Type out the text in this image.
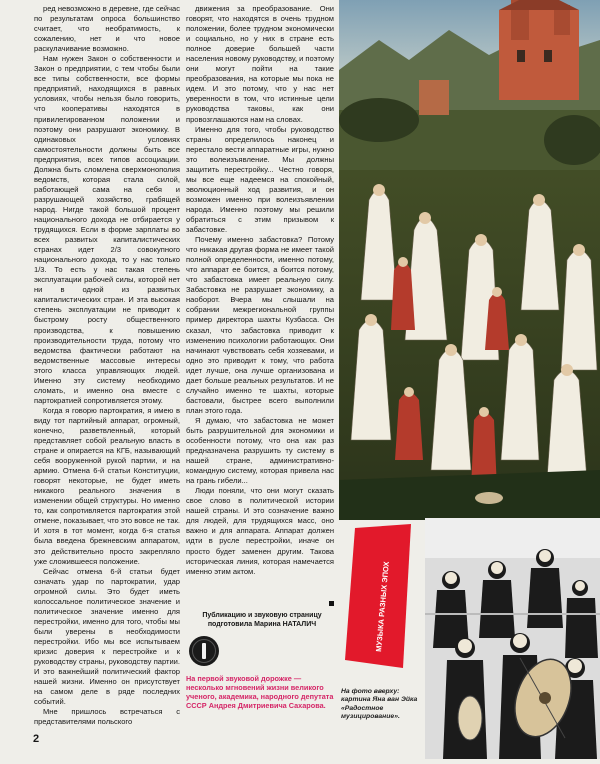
ред невозможно в деревне, где сейчас по результатам опроса большинство считает, что необратимость, к сожалению, нет и что новое раскулачивание возможно.

Нам нужен Закон о собственности и Закон о предприятии, с тем чтобы были все типы собственности, все формы предприятий, находящихся в равных условиях, чтобы нельзя было говорить, что кооперативы находятся в привилегированном положении и поэтому они разрушают экономику. В одинаковых условиях самостоятельности должны быть все предприятия, всех типов ассоциации. Должна быть сломлена сверхмонополия ведомств, которая стала силой, работающей сама на себя и разрушающей хозяйство, грабящей народ. Нигде такой большой процент национального дохода не отбирается у трудящихся. Если в форме зарплаты во всех развитых капиталистических странах идет 2/3 совокупного национального дохода, то у нас только 1/3. То есть у нас такая степень эксплуатации рабочей силы, которой нет ни в одной из развитых капиталистических стран. И эта высокая степень эксплуатации не приводит к быстрому росту общественного производства, к повышению производительности труда, потому что ведомства фактически работают на ведомственные массовые интересы этого класса управляющих людей. Именно эту систему необходимо сломать, и именно она вместе с партократией сопротивляется этому.

Когда я говорю партократия, я имею в виду тот партийный аппарат, огромный, конечно, разветвленный, который представляет собой реальную власть в стране и опирается на КГБ, называющий себя вооруженной рукой партии, и на армию. Отмена 6-й статьи Конституции, говорят некоторые, не будет иметь никакого реального значения в изменении общей структуры. Но именно то, как сопротивляется партократия этой отмене, показывает, что это вовсе не так. И хотя в тот момент, когда 6-я статья была введена брежневским аппаратом, это действительно просто закрепляло уже сложившееся положение.

Сейчас отмена 6-й статьи будет означать удар по партократии, удар огромной силы. Это будет иметь колоссальное политическое значение и политическое значение именно для перестройки, именно для того, чтобы мы были уверены в необходимости перестройки. Ибо мы все испытываем кризис доверия к перестройке и к руководству страны, руководству партии. И это важнейший политический фактор нашей жизни. Именно он присутствует на самом деле в ряде последних событий.

Мне пришлось встречаться с представителями польского

движения за преобразование. Они говорят, что находятся в очень трудном положении, более трудном экономически и социально, но у них в стране есть полное доверие большей части населения новому руководству, и поэтому они могут пойти на такие преобразования, на которые мы пока не идем. И это потому, что у нас нет уверенности в том, что истинные цели руководства таковы, как они провозглашаются нам на словах.

Именно для того, чтобы руководство страны определилось наконец и перестало вести аппаратные игры, нужно это волеизъявление. Мы должны защитить перестройку... Честно говоря, мы все еще надеемся на спокойный, эволюционный ход развития, и он возможен именно при волеизъявлении народа. Именно поэтому мы решили обратиться с этим призывом к забастовке.

Почему именно забастовка? Потому что никакая другая форма не имеет такой полной определенности, именно потому, что аппарат ее боится, а боится потому, что забастовка имеет реальную силу. Забастовка не разрушает экономику, а наоборот. Вчера мы слышали на собрании межрегиональной группы пример директора шахты Кузбасса. Он сказал, что забастовка приводит к изменению психологии работающих. Они начинают чувствовать себя хозяевами, и одно это приводит к тому, что работа идет лучше, она лучше организована и дает больше реальных результатов. И не случайно именно те шахты, которые бастовали, быстрее всего выполнили план этого года.

Я думаю, что забастовка не может быть разрушительной для экономики и особенности потому, что она как раз предназначена разрушить ту систему в нашей стране, административно-командную систему, которая привела нас на грань гибели...

Люди поняли, что они могут сказать свое слово в политической истории нашей страны. И это созначение важно для людей, для трудящихся масс, оно важно и для аппарата. Аппарат должен идти в русле перестройки, иначе он просто будет заменен другим. Такова историческая линия, которая намечается именно этим актом.	МУЗЫКА РАЗНЫХ ЭПОХ
Публикацию и звуковую страницу подготовила Марина НАТАЛИЧ
На первой звуковой дорожке — несколько мгновений жизни великого ученого, академика, народного депутата СССР Андрея Дмитриевича Сахарова.
На фото вверху: картина Яна ван Эйка «Радостное музицирование».
2
